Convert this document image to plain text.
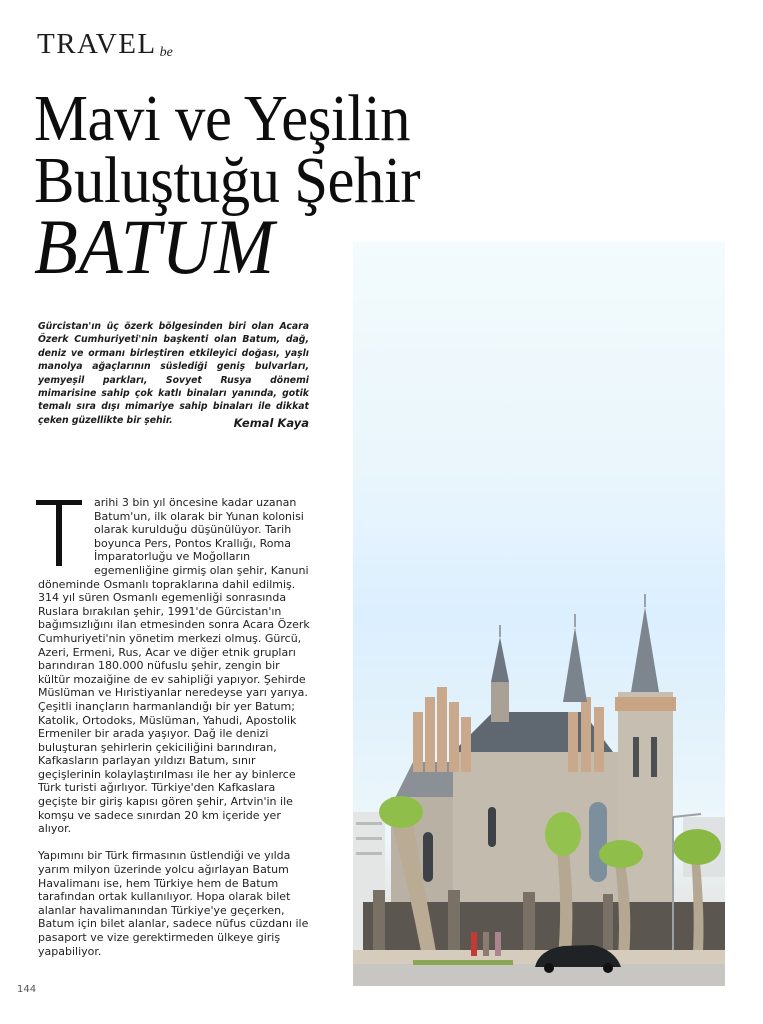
TRAVEL be
Mavi ve Yeşilin
Buluştuğu Şehir
BATUM

Gürcistan'ın üç özerk bölgesinden biri olan Acara Özerk Cumhuriyeti'nin başkenti olan Batum, dağ, deniz ve ormanı birleştiren etkileyici doğası, yaşlı manolya ağaçlarının süslediği geniş bulvarları, yemyeşil parkları, Sovyet Rusya dönemi mimarisine sahip çok katlı binaları yanında, gotik temalı sıra dışı mimariye sahip binaları ile dikkat çeken güzellikte bir şehir.	Kemal Kaya

arihi 3 bin yıl öncesine kadar uzanan Batum'un, ilk olarak bir Yunan kolonisi olarak kurulduğu düşünülüyor. Tarih boyunca Pers, Pontos Krallığı, Roma İmparatorluğu ve Moğolların egemenliğine girmiş olan şehir, Kanuni döneminde Osmanlı topraklarına dahil edilmiş. 314 yıl süren Osmanlı egemenliği sonrasında Ruslara bırakılan şehir, 1991'de Gürcistan'ın bağımsızlığını ilan etmesinden sonra Acara Özerk Cumhuriyeti'nin yönetim merkezi olmuş. Gürcü, Azeri, Ermeni, Rus, Acar ve diğer etnik grupları barındıran 180.000 nüfuslu şehir, zengin bir kültür mozaiğine de ev sahipliği yapıyor. Şehirde Müslüman ve Hıristiyanlar neredeyse yarı yarıya. Çeşitli inançların harmanlandığı bir yer Batum; Katolik, Ortodoks, Müslüman, Yahudi, Apostolik Ermeniler bir arada yaşıyor. Dağ ile denizi buluşturan şehirlerin çekiciliğini barındıran, Kafkasların parlayan yıldızı Batum, sınır geçişlerinin kolaylaştırılması ile her ay binlerce Türk turisti ağırlıyor. Türkiye'den Kafkaslara geçişte bir giriş kapısı gören şehir, Artvin'in ile komşu ve sadece sınırdan 20 km içeride yer alıyor.

Yapımını bir Türk firmasının üstlendiği ve yılda yarım milyon üzerinde yolcu ağırlayan Batum Havalimanı ise, hem Türkiye hem de Batum tarafından ortak kullanılıyor. Hopa olarak bilet alanlar havalimanından Türkiye'ye geçerken, Batum için bilet alanlar, sadece nüfus cüzdanı ile pasaport ve vize gerektirmeden ülkeye giriş yapabiliyor.

144
